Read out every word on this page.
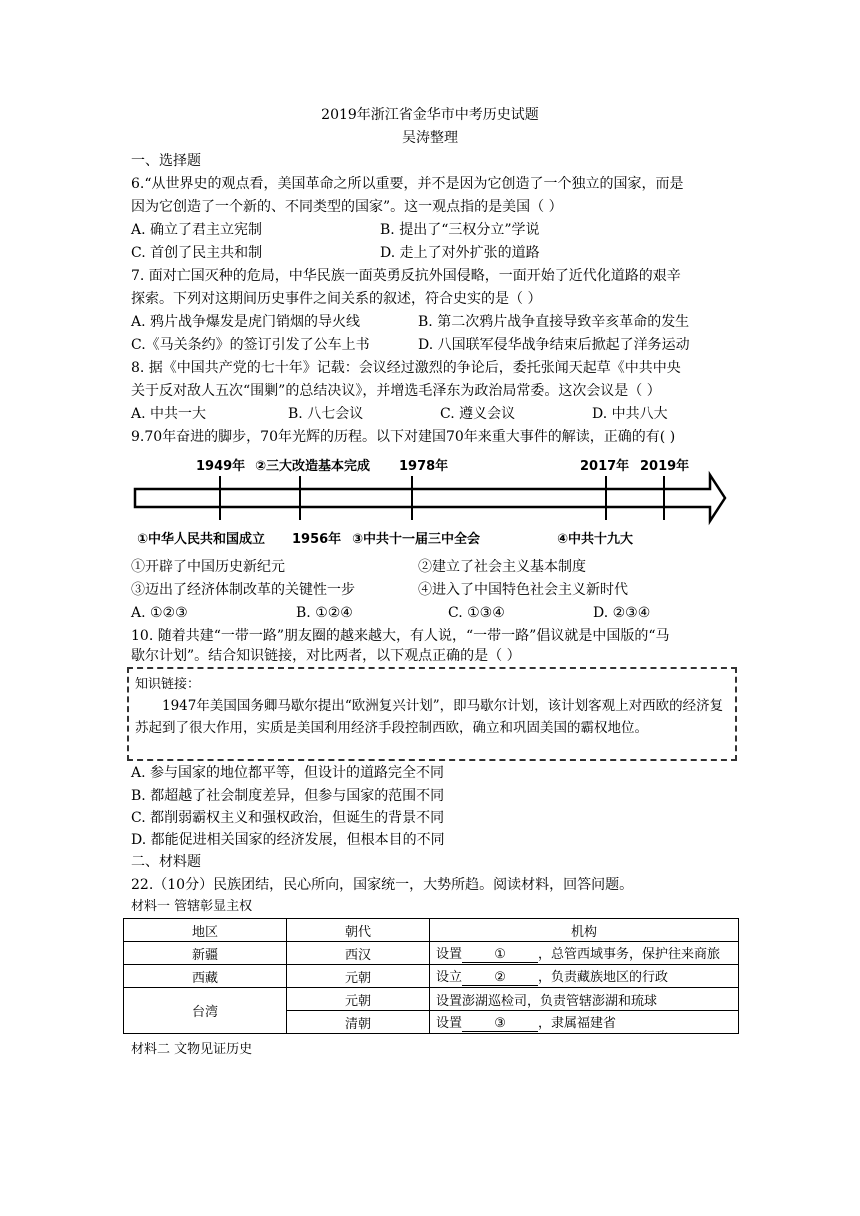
2019年浙江省金华市中考历史试题
吴涛整理
一、选择题
6.“从世界史的观点看，美国革命之所以重要，并不是因为它创造了一个独立的国家，而是
因为它创造了一个新的、不同类型的国家”。这一观点指的是美国（ ）
A. 确立了君主立宪制	B. 提出了“三权分立”学说
C. 首创了民主共和制	D. 走上了对外扩张的道路
7. 面对亡国灭种的危局，中华民族一面英勇反抗外国侵略，一面开始了近代化道路的艰辛
探索。下列对这期间历史事件之间关系的叙述，符合史实的是（ ）
A. 鸦片战争爆发是虎门销烟的导火线	B. 第二次鸦片战争直接导致辛亥革命的发生
C.《马关条约》的签订引发了公车上书	D. 八国联军侵华战争结束后掀起了洋务运动
8. 据《中国共产党的七十年》记载：会议经过激烈的争论后，委托张闻天起草《中共中央
关于反对敌人五次“围剿”的总结决议》，并增选毛泽东为政治局常委。这次会议是（ ）
A. 中共一大	B. 八七会议	C. 遵义会议	D. 中共八大
9.70年奋进的脚步，70年光辉的历程。以下对建国70年来重大事件的解读，正确的有( )
1949年 ②三大改造基本完成 1978年	2017年 2019年
①中华人民共和国成立 1956年 ③中共十一届三中全会	④中共十九大
①开辟了中国历史新纪元	②建立了社会主义基本制度
③迈出了经济体制改革的关键性一步	④进入了中国特色社会主义新时代
A. ①②③	B. ①②④	C. ①③④	D. ②③④
10. 随着共建“一带一路”朋友圈的越来越大，有人说，“一带一路”倡议就是中国版的“马
歇尔计划”。结合知识链接，对比两者，以下观点正确的是（ ）
知识链接：
1947年美国国务卿马歇尔提出“欧洲复兴计划”，即马歇尔计划，该计划客观上对西欧的经济复苏起到了很大作用，实质是美国利用经济手段控制西欧，确立和巩固美国的霸权地位。
A. 参与国家的地位都平等，但设计的道路完全不同
B. 都超越了社会制度差异，但参与国家的范围不同
C. 都削弱霸权主义和强权政治，但诞生的背景不同
D. 都能促进相关国家的经济发展，但根本目的不同
二、材料题
22.（10分）民族团结，民心所向，国家统一，大势所趋。阅读材料，回答问题。
材料一 管辖彰显主权
地区	朝代	机构
新疆	西汉	设置 ① ，总管西域事务，保护往来商旅
西藏	元朝	设立 ② ，负责藏族地区的行政
台湾	元朝	设置澎湖巡检司，负责管辖澎湖和琉球
	清朝	设置 ③ ，隶属福建省
材料二 文物见证历史
